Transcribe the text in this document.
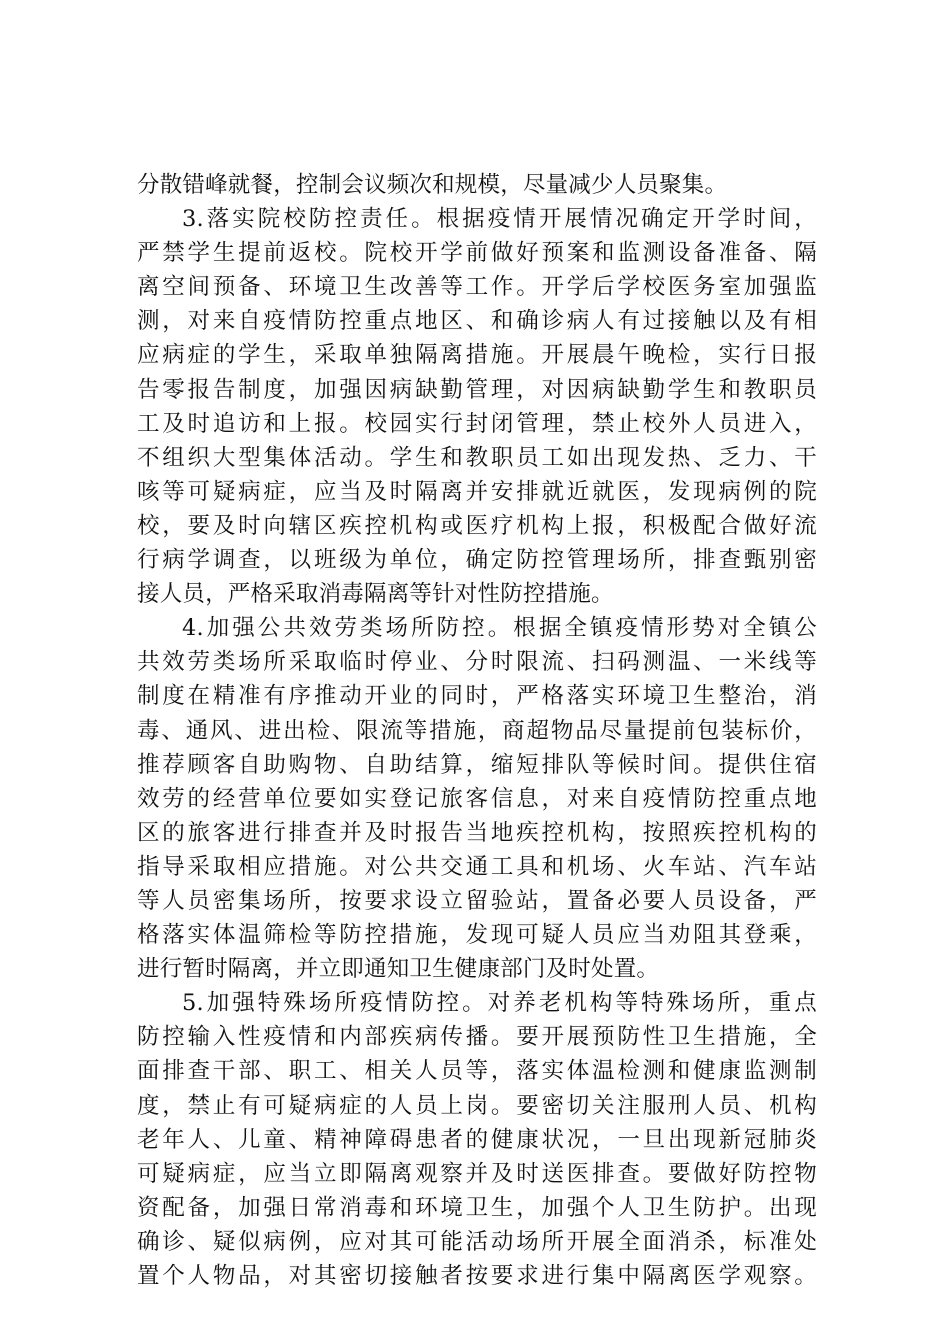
分散错峰就餐，控制会议频次和规模，尽量减少人员聚集。
3.落实院校防控责任。根据疫情开展情况确定开学时间，
严禁学生提前返校。院校开学前做好预案和监测设备准备、隔
离空间预备、环境卫生改善等工作。开学后学校医务室加强监
测，对来自疫情防控重点地区、和确诊病人有过接触以及有相
应病症的学生，采取单独隔离措施。开展晨午晚检，实行日报
告零报告制度，加强因病缺勤管理，对因病缺勤学生和教职员
工及时追访和上报。校园实行封闭管理，禁止校外人员进入，
不组织大型集体活动。学生和教职员工如出现发热、乏力、干
咳等可疑病症，应当及时隔离并安排就近就医，发现病例的院
校，要及时向辖区疾控机构或医疗机构上报，积极配合做好流
行病学调查，以班级为单位，确定防控管理场所，排查甄别密
接人员，严格采取消毒隔离等针对性防控措施。
4.加强公共效劳类场所防控。根据全镇疫情形势对全镇公
共效劳类场所采取临时停业、分时限流、扫码测温、一米线等
制度在精准有序推动开业的同时，严格落实环境卫生整治，消
毒、通风、进出检、限流等措施，商超物品尽量提前包装标价，
推荐顾客自助购物、自助结算，缩短排队等候时间。提供住宿
效劳的经营单位要如实登记旅客信息，对来自疫情防控重点地
区的旅客进行排查并及时报告当地疾控机构，按照疾控机构的
指导采取相应措施。对公共交通工具和机场、火车站、汽车站
等人员密集场所，按要求设立留验站，置备必要人员设备，严
格落实体温筛检等防控措施，发现可疑人员应当劝阻其登乘，
进行暂时隔离，并立即通知卫生健康部门及时处置。
5.加强特殊场所疫情防控。对养老机构等特殊场所，重点
防控输入性疫情和内部疾病传播。要开展预防性卫生措施，全
面排查干部、职工、相关人员等，落实体温检测和健康监测制
度，禁止有可疑病症的人员上岗。要密切关注服刑人员、机构
老年人、儿童、精神障碍患者的健康状况，一旦出现新冠肺炎
可疑病症，应当立即隔离观察并及时送医排查。要做好防控物
资配备，加强日常消毒和环境卫生，加强个人卫生防护。出现
确诊、疑似病例，应对其可能活动场所开展全面消杀，标准处
置个人物品，对其密切接触者按要求进行集中隔离医学观察。
